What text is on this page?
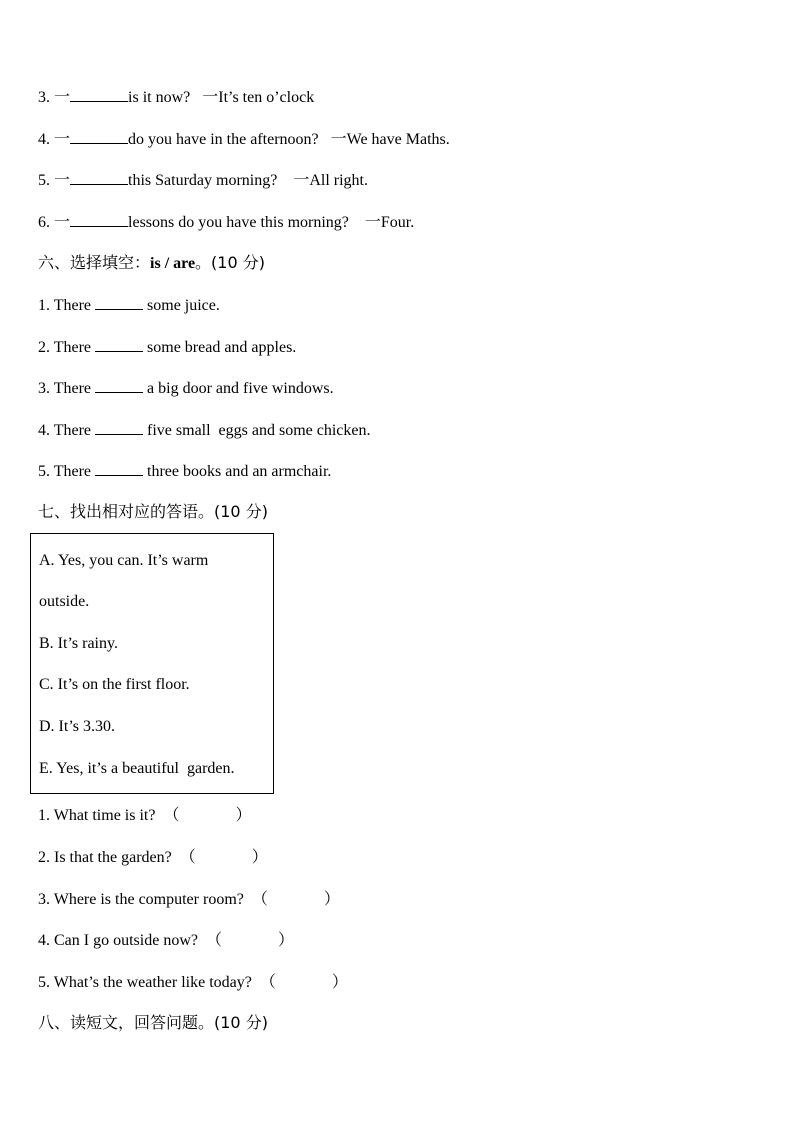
3. 一	is it now?   一It’s ten o’clock
4. 一	do you have in the afternoon?   一We have Maths.
5. 一	this Saturday morning?    一All right.
6. 一	lessons do you have this morning?    一Four.
六、选择填空：is / are。(10 分)
1. There	some juice.
2. There	some bread and apples.
3. There	a big door and five windows.
4. There	five small  eggs and some chicken.
5. There	three books and an armchair.
七、找出相对应的答语。(10 分)
A. Yes, you can. It’s warm
outside.
B. It’s rainy.
C. It’s on the first floor.
D. It’s 3.30.
E. Yes, it’s a beautiful  garden.
1. What time is it?  （              ）
2. Is that the garden?  （              ）
3. Where is the computer room?  （              ）
4. Can I go outside now?  （              ）
5. What’s the weather like today?  （              ）
八、读短文，回答问题。(10 分)
